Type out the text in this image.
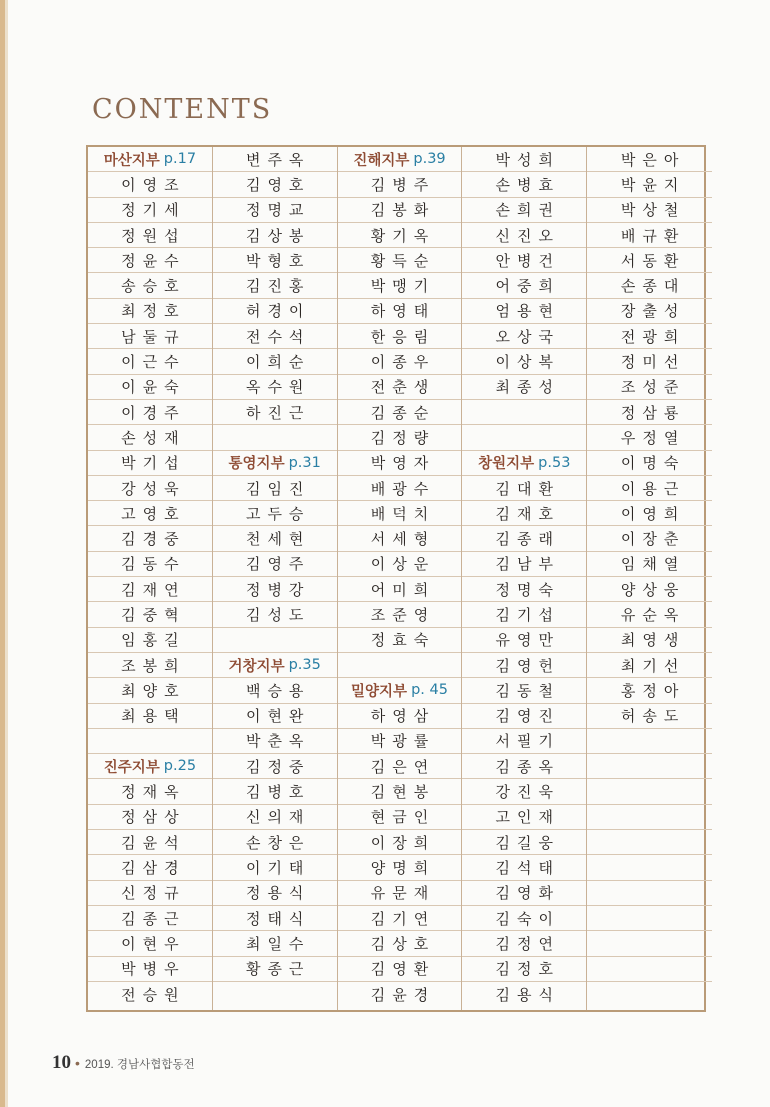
CONTENTS
마산지부 p.17
이영조
정기세
정원섭
정윤수
송승호
최정호
남둘규
이근수
이윤숙
이경주
손성재
박기섭
강성욱
고영호
김경중
김동수
김재연
김중혁
임홍길
조봉희
최양호
최용택
진주지부 p.25
정재옥
정삼상
김윤석
김삼경
신정규
김종근
이현우
박병우
전승원
변주옥
김영호
정명교
김상봉
박형호
김진홍
허경이
전수석
이희순
옥수원
하진근
통영지부 p.31
김임진
고두승
천세현
김영주
정병강
김성도
거창지부 p.35
백승용
이현완
박춘옥
김정중
김병호
신의재
손창은
이기태
정용식
정태식
최일수
황종근
진해지부 p.39
김병주
김봉화
황기옥
황득순
박맹기
하영태
한응림
이종우
전춘생
김종순
김정량
박영자
배광수
배덕치
서세형
이상운
어미희
조준영
정효숙
밀양지부 p. 45
하영삼
박광률
김은연
김현봉
현금인
이장희
양명희
유문재
김기연
김상호
김영환
김윤경
박성희
손병효
손희권
신진오
안병건
어중희
엄용현
오상국
이상복
최종성
창원지부 p.53
김대환
김재호
김종래
김남부
정명숙
김기섭
유영만
김영헌
김동철
김영진
서필기
김종옥
강진욱
고인재
김길웅
김석태
김영화
김숙이
김정연
김정호
김용식
박은아
박윤지
박상철
배규환
서동환
손종대
장출성
전광희
정미선
조성준
정삼룡
우정열
이명숙
이용근
이영희
이장춘
임채열
양상웅
유순옥
최영생
최기선
홍정아
허송도
10 • 2019. 경남사협합동전
